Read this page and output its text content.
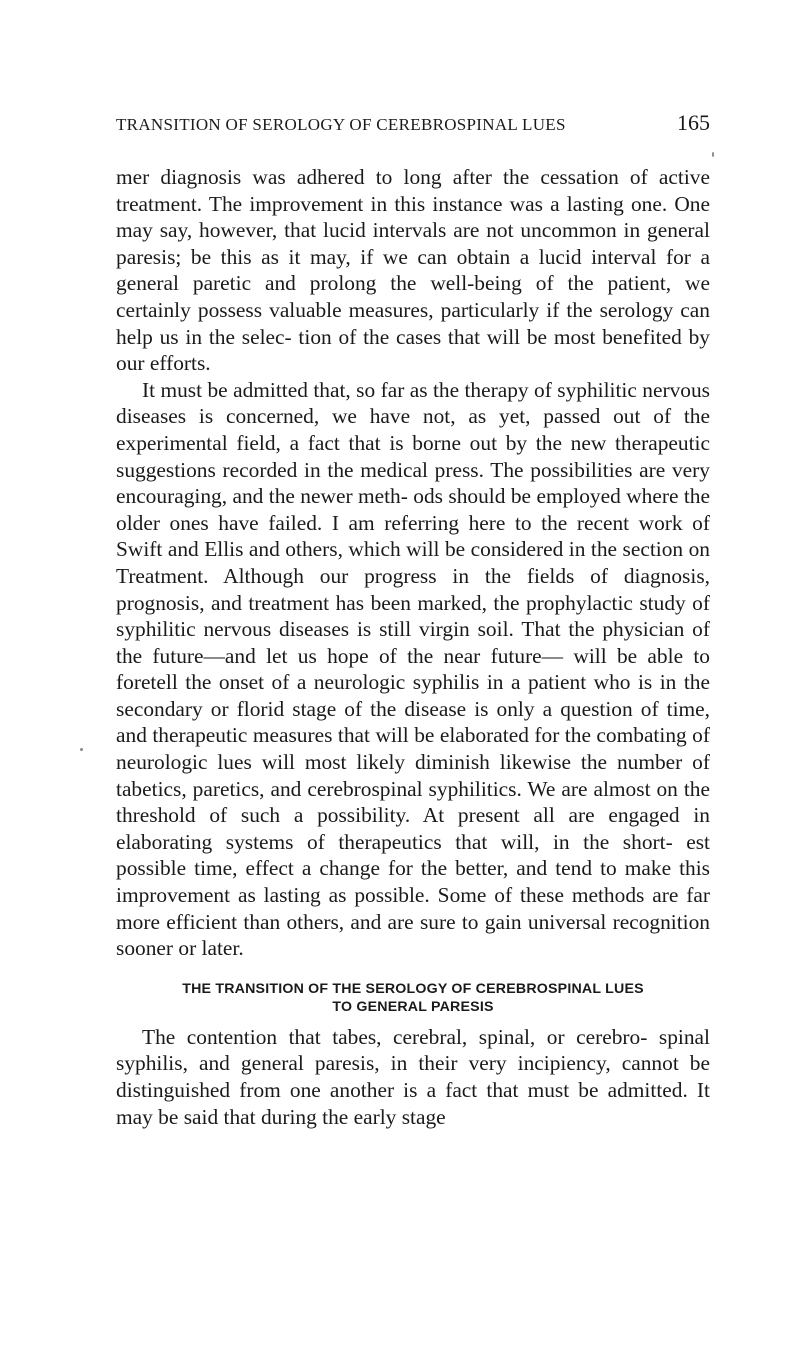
TRANSITION OF SEROLOGY OF CEREBROSPINAL LUES	165

mer diagnosis was adhered to long after the cessation of active treatment. The improvement in this instance was a lasting one. One may say, however, that lucid intervals are not uncommon in general paresis; be this as it may, if we can obtain a lucid interval for a general paretic and prolong the well-being of the patient, we certainly possess valuable measures, particularly if the serology can help us in the selec- tion of the cases that will be most benefited by our efforts.

It must be admitted that, so far as the therapy of syphilitic nervous diseases is concerned, we have not, as yet, passed out of the experimental field, a fact that is borne out by the new therapeutic suggestions recorded in the medical press. The possibilities are very encouraging, and the newer meth- ods should be employed where the older ones have failed. I am referring here to the recent work of Swift and Ellis and others, which will be considered in the section on Treatment. Although our progress in the fields of diagnosis, prognosis, and treatment has been marked, the prophylactic study of syphilitic nervous diseases is still virgin soil. That the physician of the future—and let us hope of the near future— will be able to foretell the onset of a neurologic syphilis in a patient who is in the secondary or florid stage of the disease is only a question of time, and therapeutic measures that will be elaborated for the combating of neurologic lues will most likely diminish likewise the number of tabetics, paretics, and cerebrospinal syphilitics. We are almost on the threshold of such a possibility. At present all are engaged in elaborating systems of therapeutics that will, in the short- est possible time, effect a change for the better, and tend to make this improvement as lasting as possible. Some of these methods are far more efficient than others, and are sure to gain universal recognition sooner or later.

THE TRANSITION OF THE SEROLOGY OF CEREBROSPINAL LUES
TO GENERAL PARESIS

The contention that tabes, cerebral, spinal, or cerebro- spinal syphilis, and general paresis, in their very incipiency, cannot be distinguished from one another is a fact that must be admitted. It may be said that during the early stage
